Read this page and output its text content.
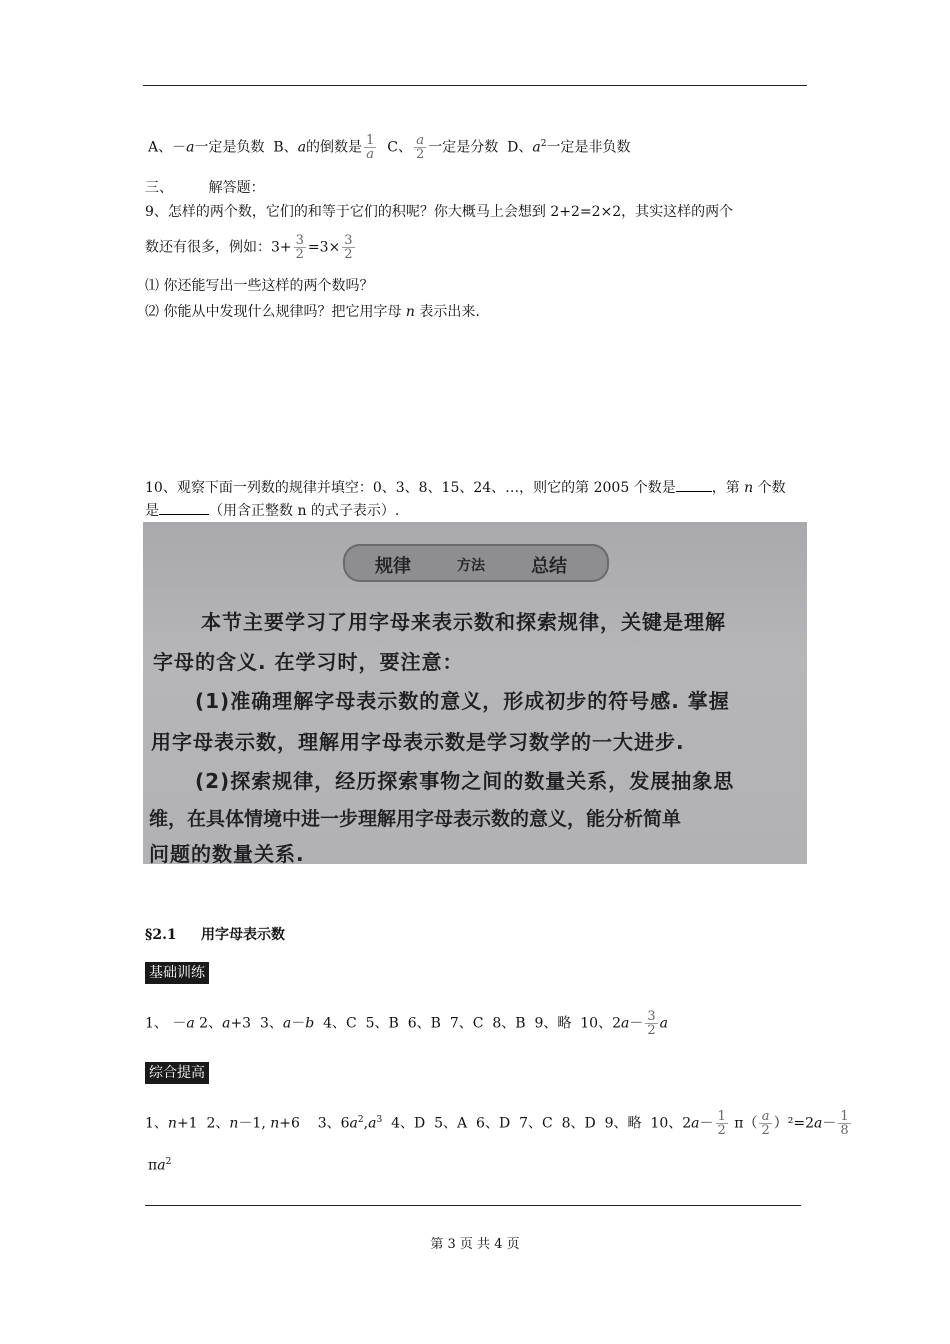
A、－a一定是负数 B、a的倒数是 $\frac{1}{a}$ C、 $\frac{a}{2}$ 一定是分数 D、$a^2$一定是非负数
三、        解答题：
9、怎样的两个数，它们的和等于它们的积呢？你大概马上会想到 2+2=2×2，其实这样的两个
数还有很多，例如：$3+ \frac{3}{2} =3\times \frac{3}{2}$
⑴ 你还能写出一些这样的两个数吗？
⑵ 你能从中发现什么规律吗？把它用字母 n 表示出来.
10、观察下面一列数的规律并填空：0、3、8、15、24、…，则它的第 2005 个数是	，第 n 个数
是	（用含正整数 n 的式子表示）.
规律	方法	总结
本节主要学习了用字母来表示数和探索规律，关键是理解
字母的含义. 在学习时，要注意：
(1)准确理解字母表示数的意义，形成初步的符号感. 掌握
用字母表示数，理解用字母表示数是学习数学的一大进步.
(2)探索规律，经历探索事物之间的数量关系，发展抽象思
维，在具体情境中进一步理解用字母表示数的意义，能分析简单
问题的数量关系.
§2.1     用字母表示数
基础训练
1、 －a 2、a+3  3、a－b  4、C  5、B  6、B  7、C  8、B  9、略  10、$2a- \frac{3}{2}$ a
综合提高
1、n+1  2、n－1, n+6    3、$6a^2,a^3$  4、D  5、A  6、D  7、C  8、D  9、略  10、$2a- \frac{1}{2} \pi( \frac{a}{2} )^2=2a- \frac{1}{8}$
$\pi a^2$
第 3 页 共 4 页
